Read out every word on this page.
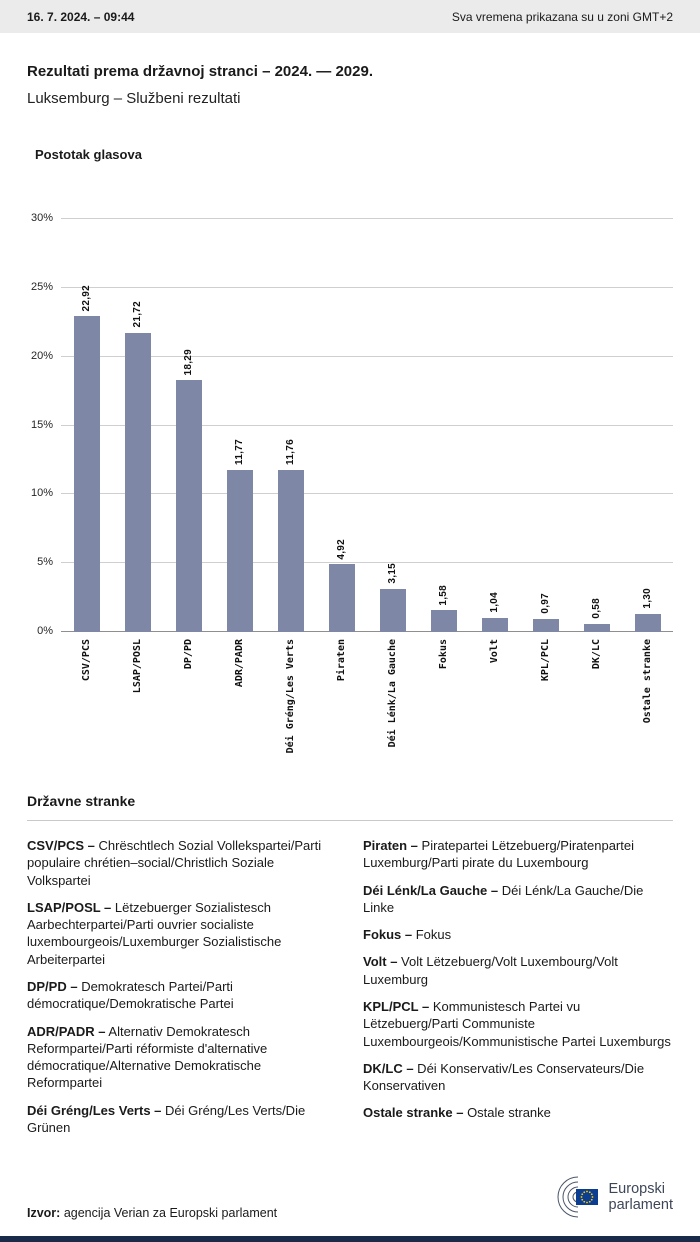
16. 7. 2024. – 09:44	Sva vremena prikazana su u zoni GMT+2
Rezultati prema državnoj stranci – 2024. — 2029.
Luksemburg – Službeni rezultati
Postotak glasova
30%
25%
20%
15%
10%
5%
0%
22,92
21,72
18,29
11,77	11,76
4,92
3,15
1,58	1,04	0,97	0,58	1,30
CSV/PCS	LSAP/POSL	DP/PD	ADR/PADR	Déi Gréng/Les Verts	Piraten	Déi Lénk/La Gauche	Fokus	Volt	KPL/PCL	DK/LC	Ostale stranke
Državne stranke

CSV/PCS – Chrëschtlech Sozial Vollekspartei/Parti populaire chrétien–social/Christlich Soziale Volkspartei

LSAP/POSL – Lëtzebuerger Sozialistesch Aarbechterpartei/Parti ouvrier socialiste luxembourgeois/Luxemburger Sozialistische Arbeiterpartei

DP/PD – Demokratesch Partei/Parti démocratique/Demokratische Partei

ADR/PADR – Alternativ Demokratesch Reformpartei/Parti réformiste d'alternative démocratique/Alternative Demokratische Reformpartei

Déi Gréng/Les Verts – Déi Gréng/Les Verts/Die Grünen

Piraten – Piratepartei Lëtzebuerg/Piratenpartei Luxemburg/Parti pirate du Luxembourg

Déi Lénk/La Gauche – Déi Lénk/La Gauche/Die Linke

Fokus – Fokus

Volt – Volt Lëtzebuerg/Volt Luxembourg/Volt Luxemburg

KPL/PCL – Kommunistesch Partei vu Lëtzebuerg/Parti Communiste Luxembourgeois/Kommunistische Partei Luxemburgs

DK/LC – Déi Konservativ/Les Conservateurs/Die Konservativen

Ostale stranke – Ostale stranke

Izvor: agencija Verian za Europski parlament
Europski
parlament
